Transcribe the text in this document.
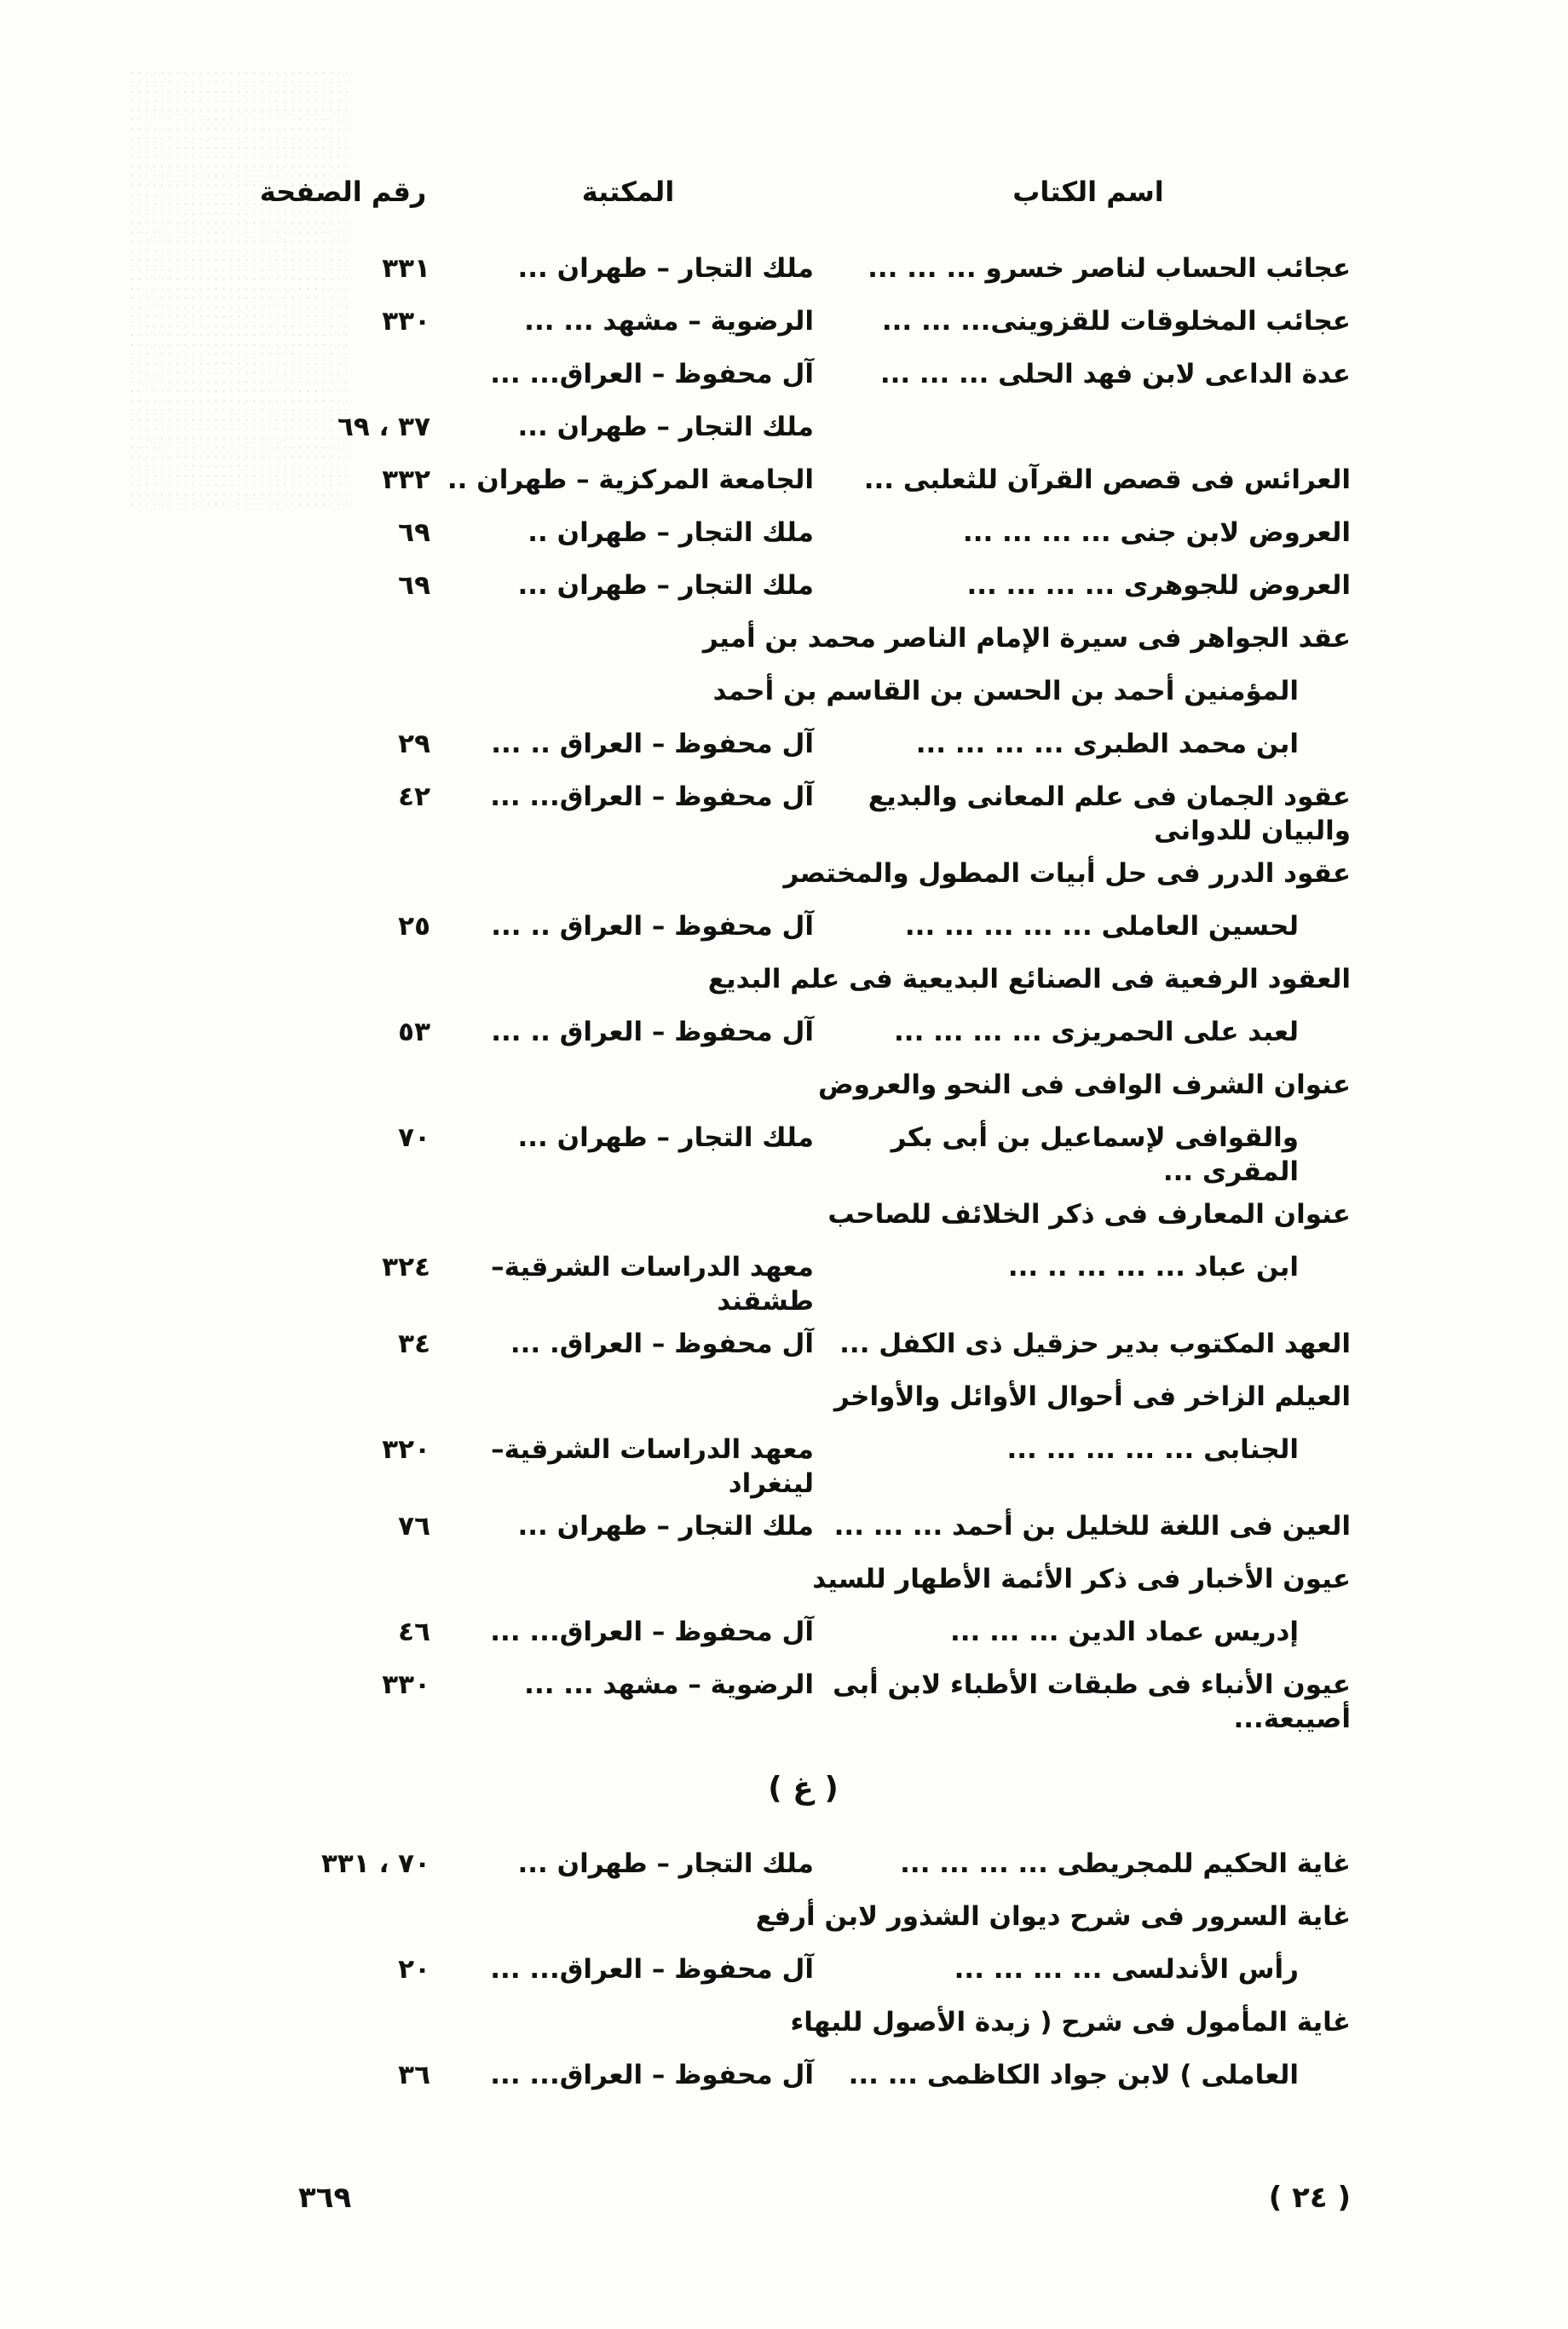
اسم الكتاب
المكتبة
رقم الصفحة
عجائب الحساب لناصر خسرو ... ... ...
ملك التجار – طهران ...
٣٣١
عجائب المخلوقات للقزوينى... ... ...
الرضوية – مشهد ... ...
٣٣٠
عدة الداعى لابن فهد الحلى ... ... ...
آل محفوظ – العراق... ...
ملك التجار – طهران ...
٣٧ ، ٦٩
العرائس فى قصص القرآن للثعلبى ...
الجامعة المركزية – طهران ..
٣٣٢
العروض لابن جنى ... ... ... ...
ملك التجار – طهران ..
٦٩
العروض للجوهرى ... ... ... ...
ملك التجار – طهران ...
٦٩
عقد الجواهر فى سيرة الإمام الناصر محمد بن أمير
المؤمنين أحمد بن الحسن بن القاسم بن أحمد
ابن محمد الطبرى ... ... ... ...
آل محفوظ – العراق .. ...
٢٩
عقود الجمان فى علم المعانى والبديع والبيان للدوانى
آل محفوظ – العراق... ...
٤٢
عقود الدرر فى حل أبيات المطول والمختصر
لحسين العاملى ... ... ... ... ...
آل محفوظ – العراق .. ...
٢٥
العقود الرفعية فى الصنائع البديعية فى علم البديع
لعبد على الحمريزى ... ... ... ...
آل محفوظ – العراق .. ...
٥٣
عنوان الشرف الوافى فى النحو والعروض
والقوافى لإسماعيل بن أبى بكر المقرى ...
ملك التجار – طهران ...
٧٠
عنوان المعارف فى ذكر الخلائف للصاحب
ابن عباد ... ... ... .. ...
معهد الدراسات الشرقية–طشقند
٣٢٤
العهد المكتوب بدير حزقيل ذى الكفل ...
آل محفوظ – العراق. ...
٣٤
العيلم الزاخر فى أحوال الأوائل والأواخر
الجنابى ... ... ... ... ...
معهد الدراسات الشرقية–لينغراد
٣٢٠
العين فى اللغة للخليل بن أحمد ... ... ...
ملك التجار – طهران ...
٧٦
عيون الأخبار فى ذكر الأئمة الأطهار للسيد
إدريس عماد الدين ... ... ...
آل محفوظ – العراق... ...
٤٦
عيون الأنباء فى طبقات الأطباء لابن أبى أصيبعة...
الرضوية – مشهد ... ...
٣٣٠
( غ )
غاية الحكيم للمجريطى ... ... ... ...
ملك التجار – طهران ...
٧٠ ، ٣٣١
غاية السرور فى شرح ديوان الشذور لابن أرفع
رأس الأندلسى ... ... ... ...
آل محفوظ – العراق... ...
٢٠
غاية المأمول فى شرح ( زبدة الأصول للبهاء
العاملى ) لابن جواد الكاظمى ... ...
آل محفوظ – العراق... ...
٣٦
٣٦٩	( ٢٤ )
